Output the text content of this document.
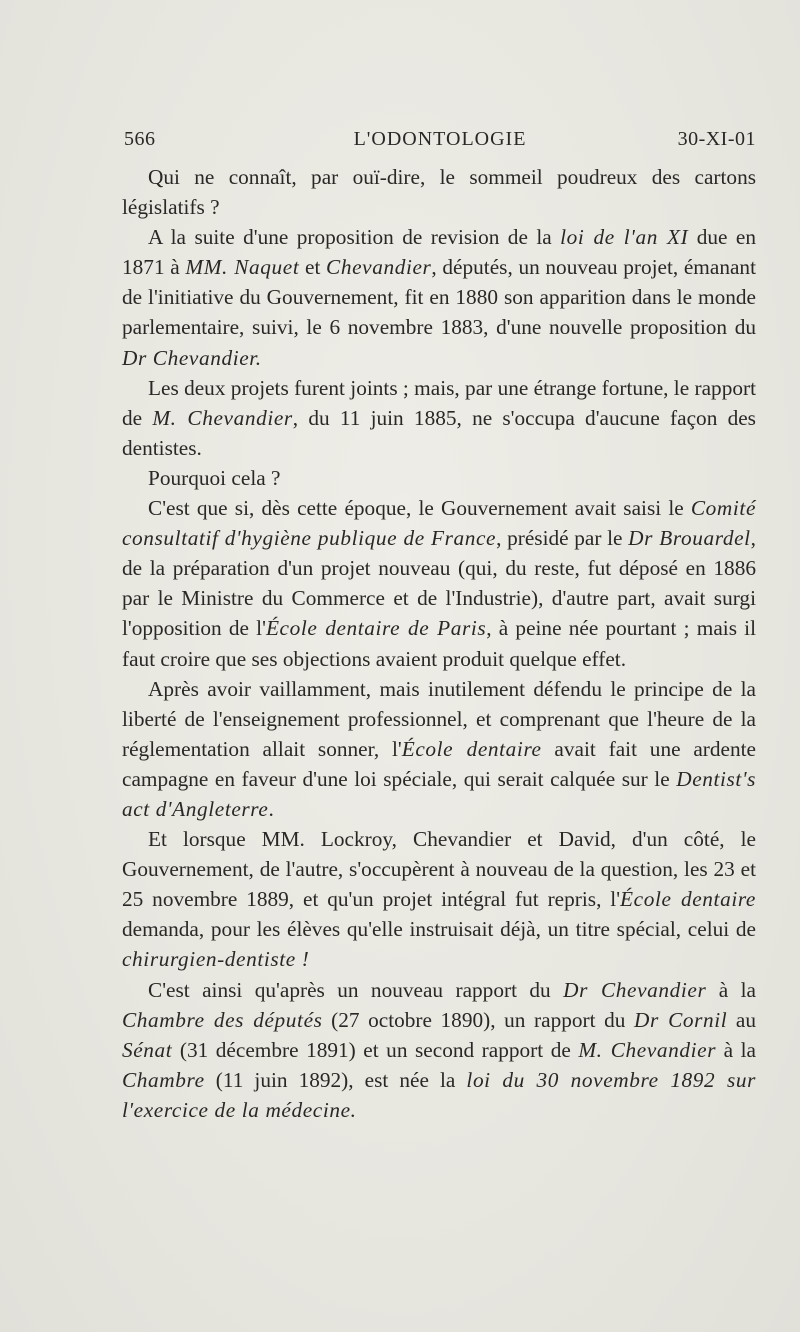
L'ODONTOLOGIE
566	30-XI-01

Qui ne connaît, par ouï-dire, le sommeil poudreux des cartons législatifs ?

A la suite d'une proposition de revision de la loi de l'an XI due en 1871 à MM. Naquet et Chevandier, députés, un nouveau projet, émanant de l'initiative du Gouvernement, fit en 1880 son apparition dans le monde parlementaire, suivi, le 6 novembre 1883, d'une nouvelle proposition du Dr Chevandier.

Les deux projets furent joints ; mais, par une étrange fortune, le rapport de M. Chevandier, du 11 juin 1885, ne s'occupa d'aucune façon des dentistes.

Pourquoi cela ?

C'est que si, dès cette époque, le Gouvernement avait saisi le Comité consultatif d'hygiène publique de France, présidé par le Dr Brouardel, de la préparation d'un projet nouveau (qui, du reste, fut déposé en 1886 par le Ministre du Commerce et de l'Industrie), d'autre part, avait surgi l'opposition de l'École dentaire de Paris, à peine née pourtant ; mais il faut croire que ses objections avaient produit quelque effet.

Après avoir vaillamment, mais inutilement défendu le principe de la liberté de l'enseignement professionnel, et comprenant que l'heure de la réglementation allait sonner, l'École dentaire avait fait une ardente campagne en faveur d'une loi spéciale, qui serait calquée sur le Dentist's act d'Angleterre.

Et lorsque MM. Lockroy, Chevandier et David, d'un côté, le Gouvernement, de l'autre, s'occupèrent à nouveau de la question, les 23 et 25 novembre 1889, et qu'un projet intégral fut repris, l'École dentaire demanda, pour les élèves qu'elle instruisait déjà, un titre spécial, celui de chirurgien-dentiste !

C'est ainsi qu'après un nouveau rapport du Dr Chevandier à la Chambre des députés (27 octobre 1890), un rapport du Dr Cornil au Sénat (31 décembre 1891) et un second rapport de M. Chevandier à la Chambre (11 juin 1892), est née la loi du 30 novembre 1892 sur l'exercice de la médecine.
